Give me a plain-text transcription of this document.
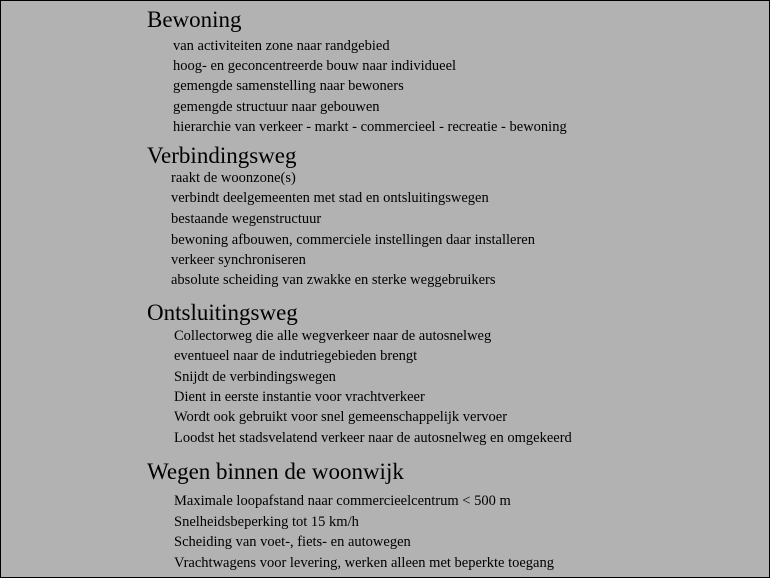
Bewoning
van activiteiten zone naar randgebied
hoog- en geconcentreerde bouw naar individueel
gemengde samenstelling naar bewoners
gemengde structuur naar gebouwen
hierarchie van verkeer - markt - commercieel - recreatie - bewoning
Verbindingsweg
raakt de woonzone(s)
verbindt deelgemeenten met stad en ontsluitingswegen
bestaande wegenstructuur
bewoning afbouwen, commerciele instellingen daar installeren
verkeer synchroniseren
absolute scheiding van zwakke en sterke weggebruikers
Ontsluitingsweg
Collectorweg die alle wegverkeer naar de autosnelweg
eventueel naar de indutriegebieden brengt
Snijdt de verbindingswegen
Dient in eerste instantie voor vrachtverkeer
Wordt ook gebruikt voor snel gemeenschappelijk vervoer
Loodst het stadsvelatend verkeer naar de autosnelweg en omgekeerd
Wegen binnen de woonwijk
Maximale loopafstand naar commercieelcentrum < 500 m
Snelheidsbeperking tot 15 km/h
Scheiding van voet-, fiets- en autowegen
Vrachtwagens voor levering, werken alleen met beperkte toegang
